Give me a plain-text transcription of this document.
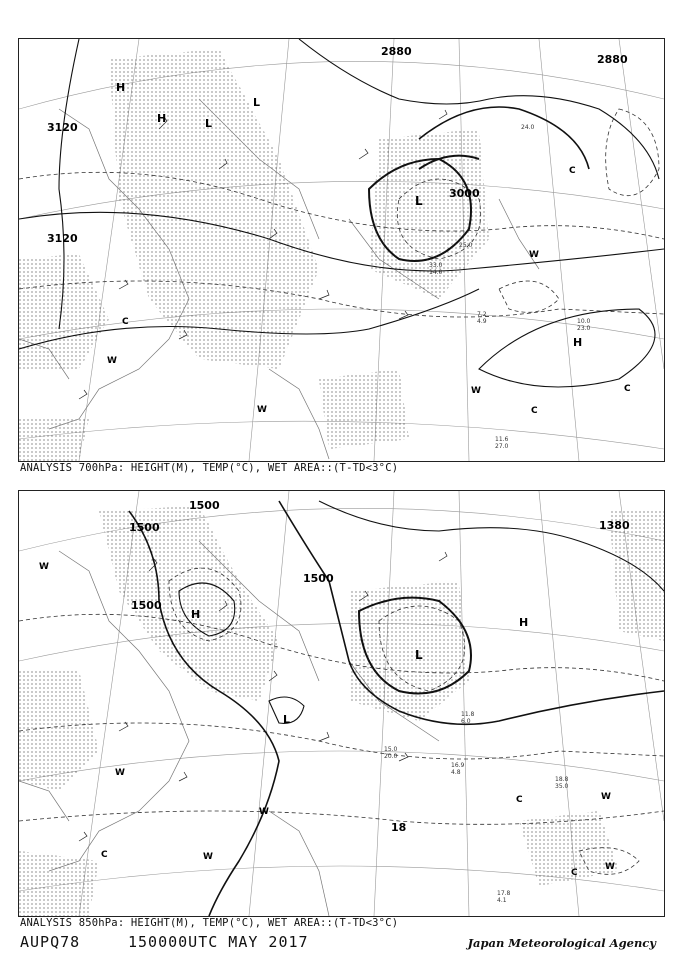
3120
3120
3000
2880
2880
H
H
H
L
L
L
C
C
W
W
W
W
C
C
10.0
23.0
11.6
27.0
7.2
4.9
33.0
14.0
25.0
24.0
ANALYSIS 700hPa: HEIGHT(M), TEMP(°C), WET AREA::(T-TD<3°C)
1500
1500
1500
1500
1380
18
H
H
L
L
W
W
W
C
C	W
C
W
W
17.8
4.1
15.0
20.0
16.9
4.8
18.8
35.0
11.8
6.0
ANALYSIS 850hPa: HEIGHT(M), TEMP(°C), WET AREA::(T-TD<3°C)
AUPQ78	150000UTC MAY 2017	Japan Meteorological Agency
